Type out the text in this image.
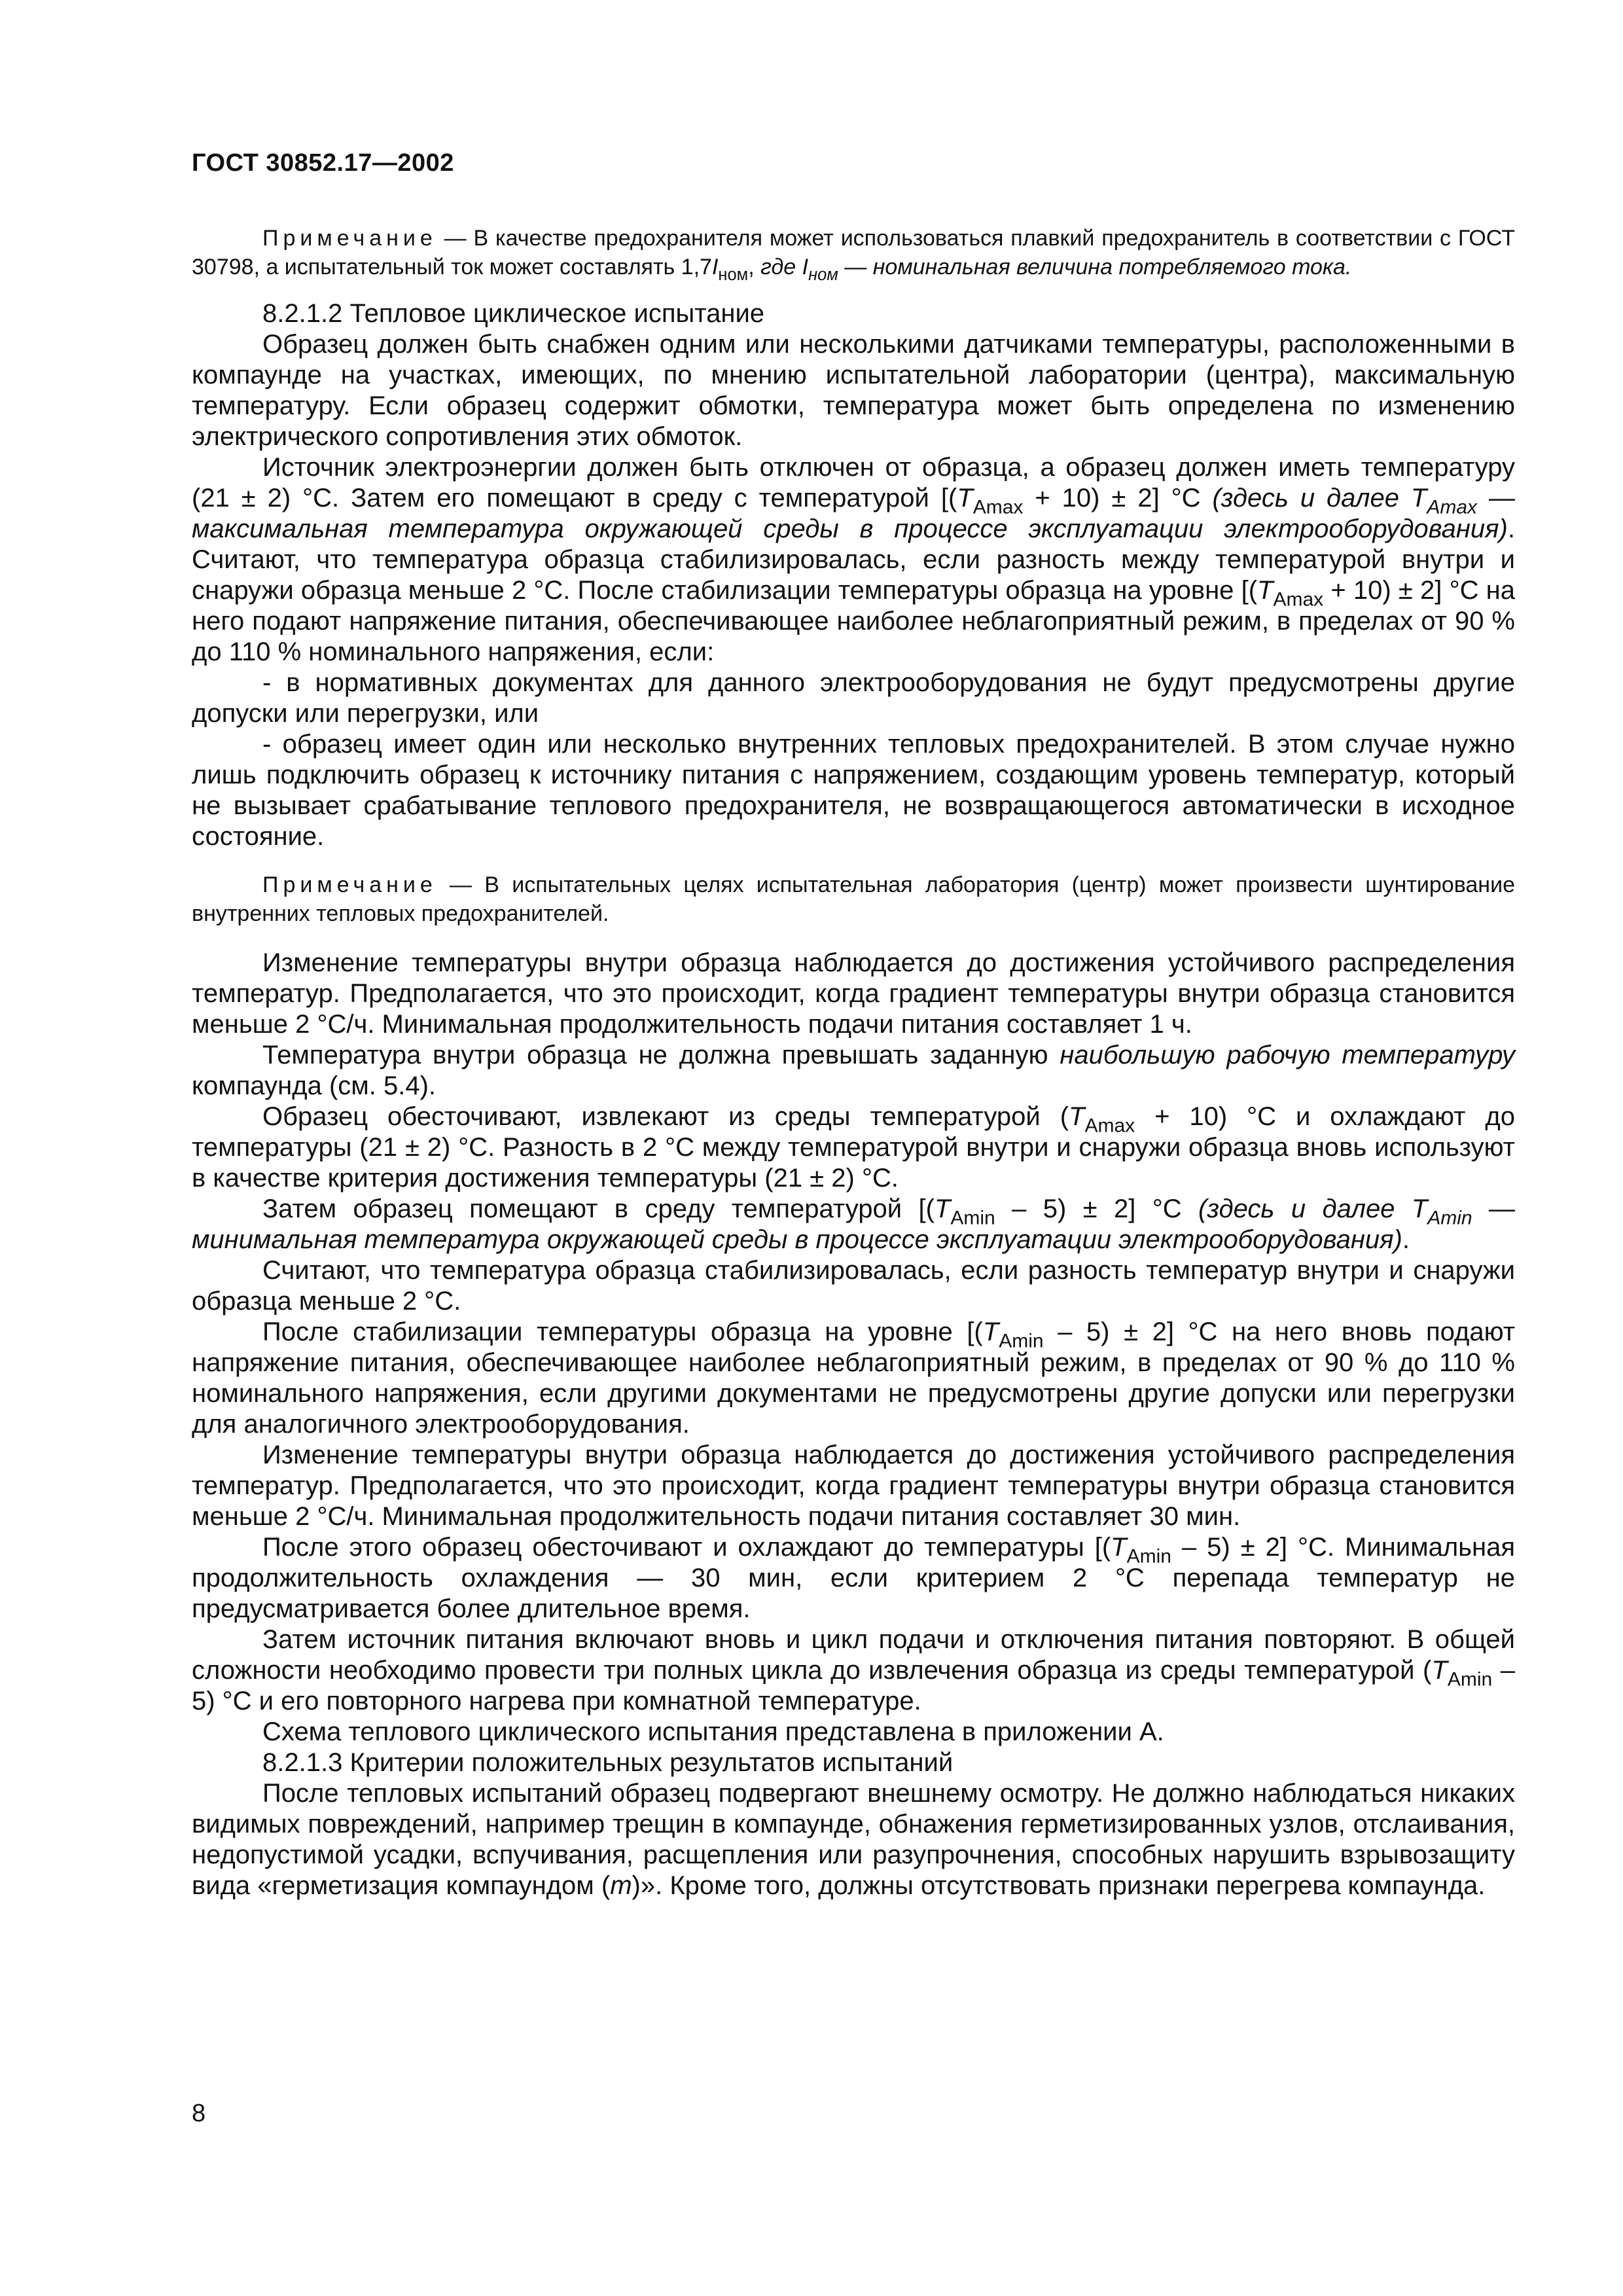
ГОСТ 30852.17—2002

Примечание — В качестве предохранителя может использоваться плавкий предохранитель в соответствии с ГОСТ 30798, а испытательный ток может составлять $1,7I_{ном}$, где $I_{ном}$ — номинальная величина потребляемого тока.

8.2.1.2 Тепловое циклическое испытание

Образец должен быть снабжен одним или несколькими датчиками температуры, расположенными в компаунде на участках, имеющих, по мнению испытательной лаборатории (центра), максимальную температуру. Если образец содержит обмотки, температура может быть определена по изменению электрического сопротивления этих обмоток.

Источник электроэнергии должен быть отключен от образца, а образец должен иметь температуру (21 ± 2) °С. Затем его помещают в среду с температурой $[(T_{Amax} + 10) \pm 2]$ °С (здесь и далее $T_{Amax}$ — максимальная температура окружающей среды в процессе эксплуатации электрооборудования). Считают, что температура образца стабилизировалась, если разность между температурой внутри и снаружи образца меньше 2 °С. После стабилизации температуры образца на уровне $[(T_{Amax} + 10) \pm 2]$ °С на него подают напряжение питания, обеспечивающее наиболее неблагоприятный режим, в пределах от 90 % до 110 % номинального напряжения, если:

- в нормативных документах для данного электрооборудования не будут предусмотрены другие допуски или перегрузки, или

- образец имеет один или несколько внутренних тепловых предохранителей. В этом случае нужно лишь подключить образец к источнику питания с напряжением, создающим уровень температур, который не вызывает срабатывание теплового предохранителя, не возвращающегося автоматически в исходное состояние.

Примечание — В испытательных целях испытательная лаборатория (центр) может произвести шунтирование внутренних тепловых предохранителей.

Изменение температуры внутри образца наблюдается до достижения устойчивого распределения температур. Предполагается, что это происходит, когда градиент температуры внутри образца становится меньше 2 °С/ч. Минимальная продолжительность подачи питания составляет 1 ч.

Температура внутри образца не должна превышать заданную наибольшую рабочую температуру компаунда (см. 5.4).

Образец обесточивают, извлекают из среды температурой $(T_{Amax} + 10)$ °С и охлаждают до температуры (21 ± 2) °С. Разность в 2 °С между температурой внутри и снаружи образца вновь используют в качестве критерия достижения температуры (21 ± 2) °С.

Затем образец помещают в среду температурой $[(T_{Amin} - 5) \pm 2]$ °С (здесь и далее $T_{Amin}$ — минимальная температура окружающей среды в процессе эксплуатации электрооборудования).

Считают, что температура образца стабилизировалась, если разность температур внутри и снаружи образца меньше 2 °С.

После стабилизации температуры образца на уровне $[(T_{Amin} - 5) \pm 2]$ °С на него вновь подают напряжение питания, обеспечивающее наиболее неблагоприятный режим, в пределах от 90 % до 110 % номинального напряжения, если другими документами не предусмотрены другие допуски или перегрузки для аналогичного электрооборудования.

Изменение температуры внутри образца наблюдается до достижения устойчивого распределения температур. Предполагается, что это происходит, когда градиент температуры внутри образца становится меньше 2 °С/ч. Минимальная продолжительность подачи питания составляет 30 мин.

После этого образец обесточивают и охлаждают до температуры $[(T_{Amin} - 5) \pm 2]$ °С. Минимальная продолжительность охлаждения — 30 мин, если критерием 2 °С перепада температур не предусматривается более длительное время.

Затем источник питания включают вновь и цикл подачи и отключения питания повторяют. В общей сложности необходимо провести три полных цикла до извлечения образца из среды температурой $(T_{Amin} - 5)$ °С и его повторного нагрева при комнатной температуре.

Схема теплового циклического испытания представлена в приложении А.

8.2.1.3 Критерии положительных результатов испытаний

После тепловых испытаний образец подвергают внешнему осмотру. Не должно наблюдаться никаких видимых повреждений, например трещин в компаунде, обнажения герметизированных узлов, отслаивания, недопустимой усадки, вспучивания, расщепления или разупрочнения, способных нарушить взрывозащиту вида «герметизация компаундом (m)». Кроме того, должны отсутствовать признаки перегрева компаунда.

8
